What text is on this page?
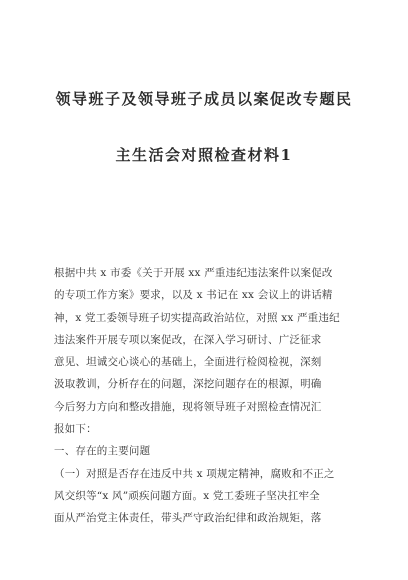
领导班子及领导班子成员以案促改专题民
主生活会对照检查材料1
根据中共 x 市委《关于开展 xx 严重违纪违法案件以案促改
的专项工作方案》要求，以及 x 书记在 xx 会议上的讲话精
神，x 党工委领导班子切实提高政治站位，对照 xx 严重违纪
违法案件开展专项以案促改，在深入学习研讨、广泛征求
意见、坦诚交心谈心的基础上，全面进行检阅检视，深刻
汲取教训，分析存在的问题，深挖问题存在的根源，明确
今后努力方向和整改措施，现将领导班子对照检查情况汇
报如下：
一、存在的主要问题
（一）对照是否存在违反中共 x 项规定精神，腐败和不正之
风交织等“x 风”顽疾问题方面。x 党工委班子坚决扛牢全
面从严治党主体责任，带头严守政治纪律和政治规矩，落
